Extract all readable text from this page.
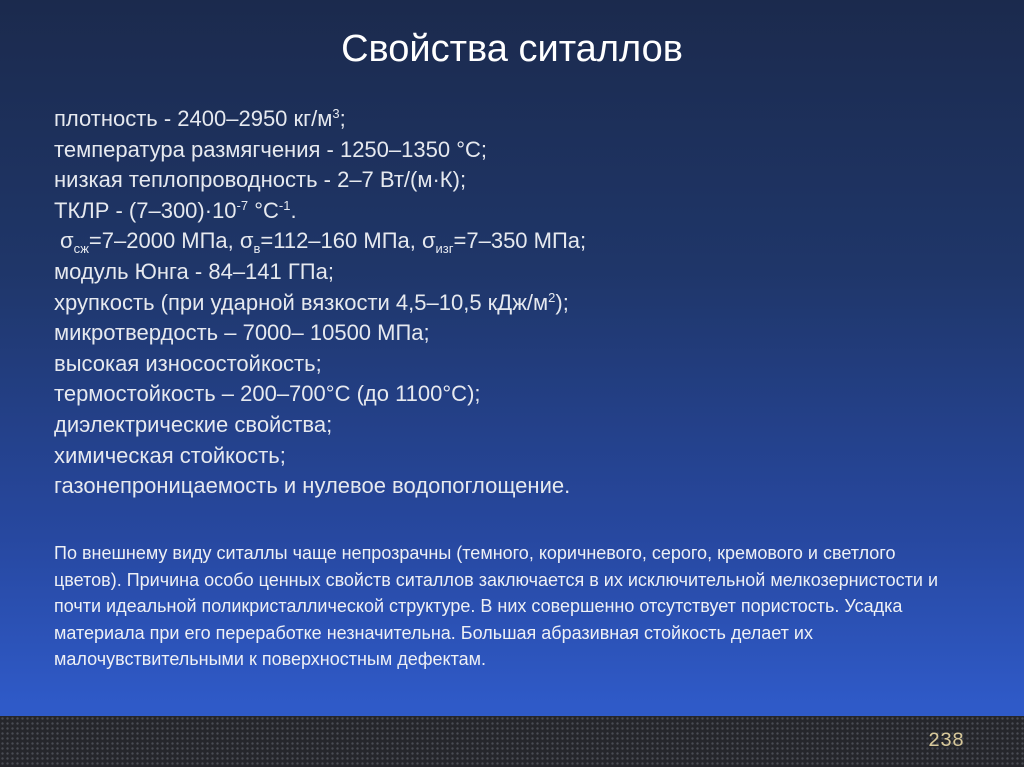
Свойства ситаллов
плотность - 2400–2950 $кг/м^3$;
температура размягчения - 1250–1350 °C;
низкая теплопроводность - 2–7 Вт/(м·К);
ТКЛР - $(7-300)\cdot 10^{-7}$ $^\circ С^{-1}$.
$\sigma_{сж}=7-2000$ МПа, $\sigma_в=112-160$ МПа, $\sigma_{изг}=7-350$ МПа;
модуль Юнга - 84–141 ГПа;
хрупкость (при ударной вязкости 4,5–10,5 кДж/$м^2$);
микротвердость – 7000– 10500 МПа;
высокая износостойкость;
термостойкость – 200–700°С (до 1100°С);
диэлектрические свойства;
химическая стойкость;
газонепроницаемость и нулевое водопоглощение.

По внешнему виду ситаллы чаще непрозрачны (темного, коричневого, серого, кремового и светлого цветов). Причина особо ценных свойств ситаллов заключается в их исключительной мелкозернистости и почти идеальной поликристаллической структуре. В них совершенно отсутствует пористость. Усадка материала при его переработке незначительна. Большая абразивная стойкость делает их малочувствительными к поверхностным дефектам.

238
